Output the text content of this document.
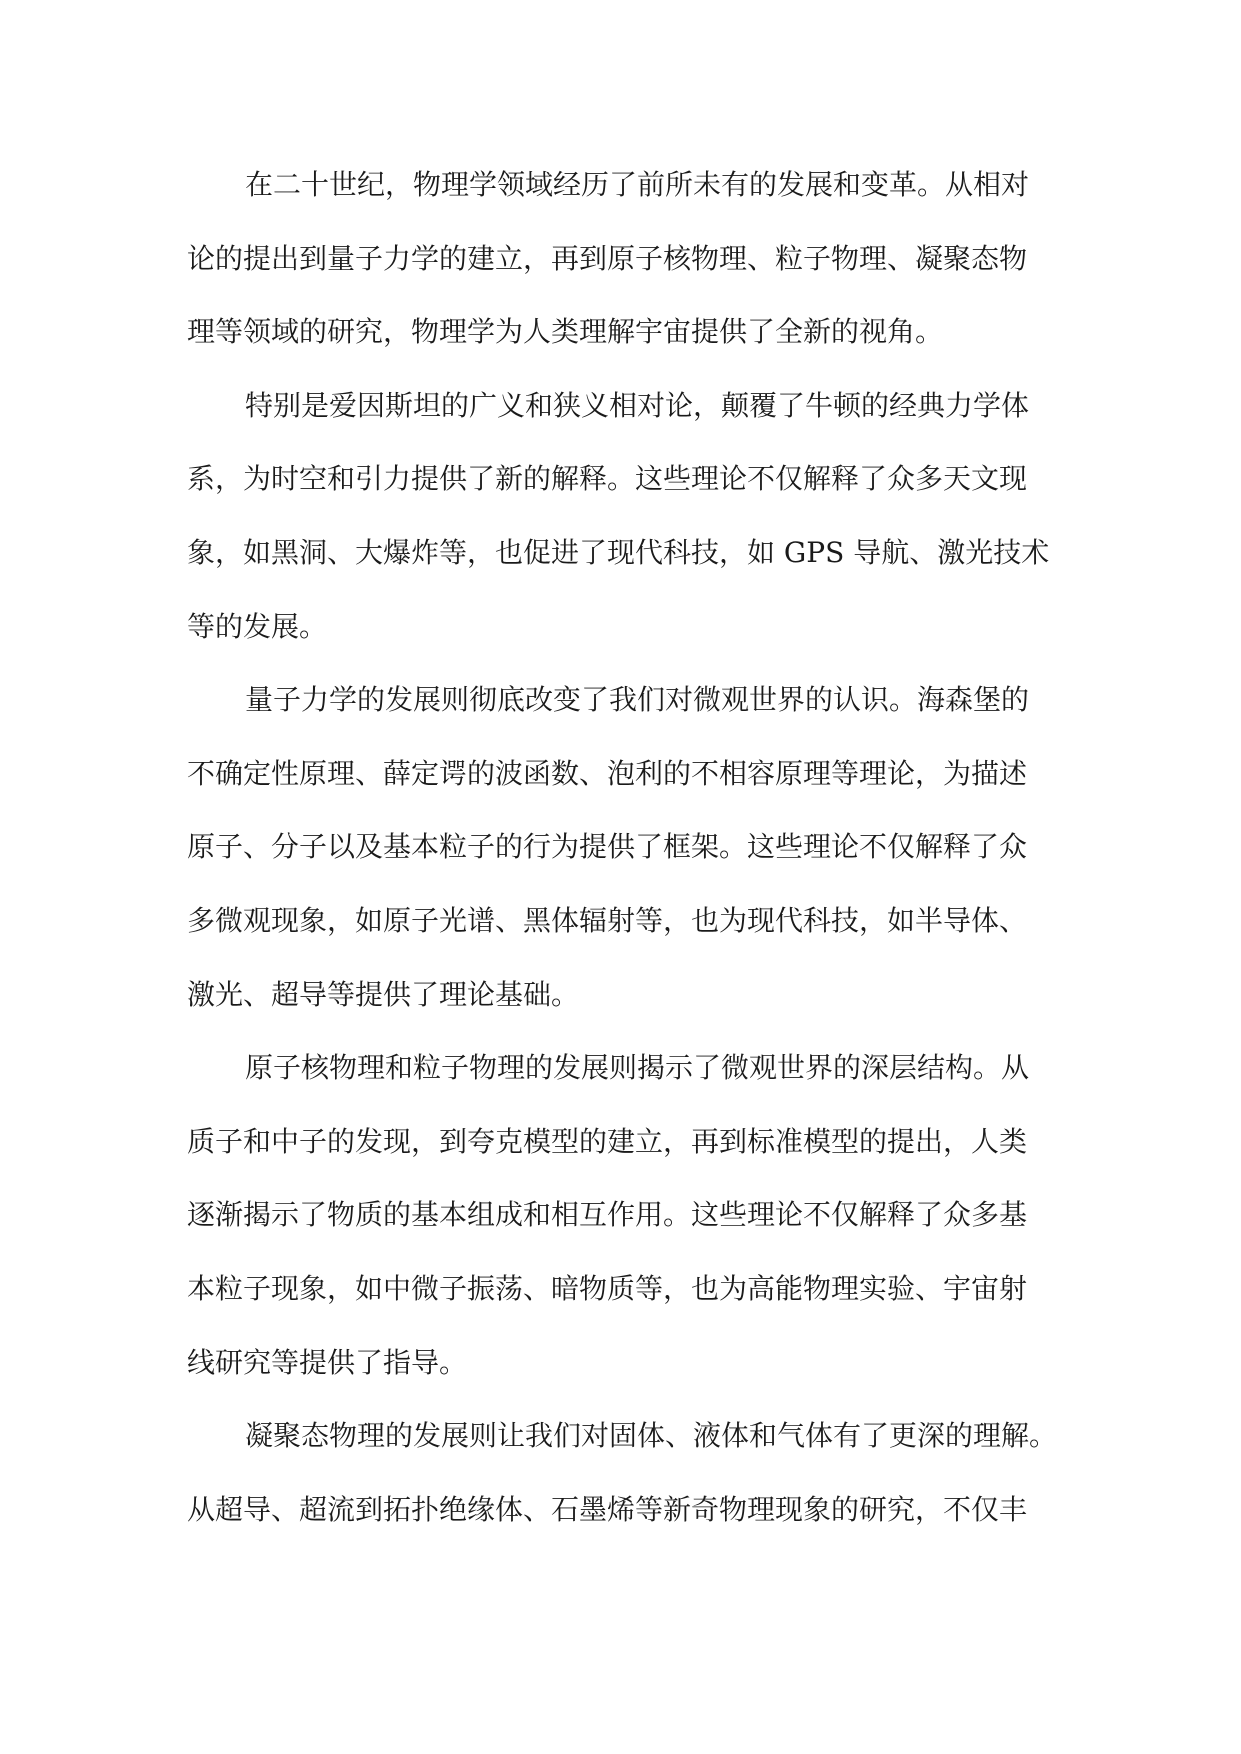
在二十世纪，物理学领域经历了前所未有的发展和变革。从相对
论的提出到量子力学的建立，再到原子核物理、粒子物理、凝聚态物
理等领域的研究，物理学为人类理解宇宙提供了全新的视角。
特别是爱因斯坦的广义和狭义相对论，颠覆了牛顿的经典力学体
系，为时空和引力提供了新的解释。这些理论不仅解释了众多天文现
象，如黑洞、大爆炸等，也促进了现代科技，如 GPS 导航、激光技术
等的发展。
量子力学的发展则彻底改变了我们对微观世界的认识。海森堡的
不确定性原理、薛定谔的波函数、泡利的不相容原理等理论，为描述
原子、分子以及基本粒子的行为提供了框架。这些理论不仅解释了众
多微观现象，如原子光谱、黑体辐射等，也为现代科技，如半导体、
激光、超导等提供了理论基础。
原子核物理和粒子物理的发展则揭示了微观世界的深层结构。从
质子和中子的发现，到夸克模型的建立，再到标准模型的提出，人类
逐渐揭示了物质的基本组成和相互作用。这些理论不仅解释了众多基
本粒子现象，如中微子振荡、暗物质等，也为高能物理实验、宇宙射
线研究等提供了指导。
凝聚态物理的发展则让我们对固体、液体和气体有了更深的理解。
从超导、超流到拓扑绝缘体、石墨烯等新奇物理现象的研究，不仅丰
